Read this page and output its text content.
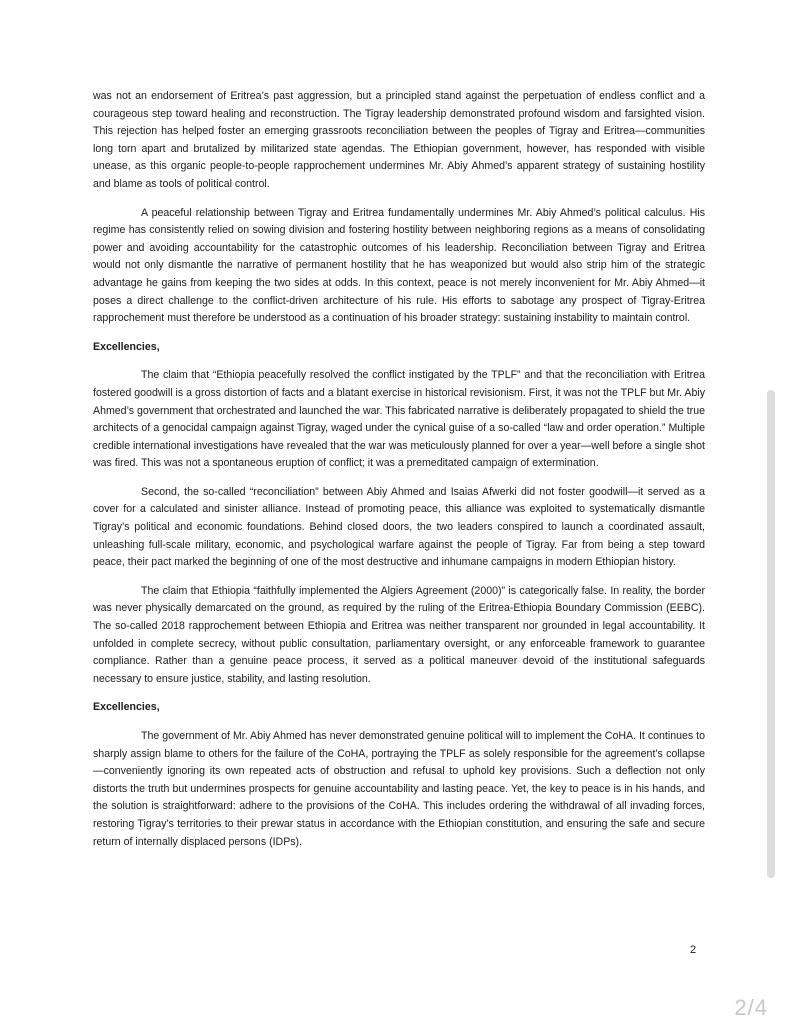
was not an endorsement of Eritrea’s past aggression, but a principled stand against the perpetuation of endless conflict and a courageous step toward healing and reconstruction. The Tigray leadership demonstrated profound wisdom and farsighted vision. This rejection has helped foster an emerging grassroots reconciliation between the peoples of Tigray and Eritrea—communities long torn apart and brutalized by militarized state agendas. The Ethiopian government, however, has responded with visible unease, as this organic people-to-people rapprochement undermines Mr. Abiy Ahmed’s apparent strategy of sustaining hostility and blame as tools of political control.

A peaceful relationship between Tigray and Eritrea fundamentally undermines Mr. Abiy Ahmed’s political calculus. His regime has consistently relied on sowing division and fostering hostility between neighboring regions as a means of consolidating power and avoiding accountability for the catastrophic outcomes of his leadership. Reconciliation between Tigray and Eritrea would not only dismantle the narrative of permanent hostility that he has weaponized but would also strip him of the strategic advantage he gains from keeping the two sides at odds. In this context, peace is not merely inconvenient for Mr. Abiy Ahmed—it poses a direct challenge to the conflict-driven architecture of his rule. His efforts to sabotage any prospect of Tigray-Eritrea rapprochement must therefore be understood as a continuation of his broader strategy: sustaining instability to maintain control.

Excellencies,

The claim that “Ethiopia peacefully resolved the conflict instigated by the TPLF” and that the reconciliation with Eritrea fostered goodwill is a gross distortion of facts and a blatant exercise in historical revisionism. First, it was not the TPLF but Mr. Abiy Ahmed’s government that orchestrated and launched the war. This fabricated narrative is deliberately propagated to shield the true architects of a genocidal campaign against Tigray, waged under the cynical guise of a so-called “law and order operation.” Multiple credible international investigations have revealed that the war was meticulously planned for over a year—well before a single shot was fired. This was not a spontaneous eruption of conflict; it was a premeditated campaign of extermination.

Second, the so-called “reconciliation” between Abiy Ahmed and Isaias Afwerki did not foster goodwill—it served as a cover for a calculated and sinister alliance. Instead of promoting peace, this alliance was exploited to systematically dismantle Tigray’s political and economic foundations. Behind closed doors, the two leaders conspired to launch a coordinated assault, unleashing full-scale military, economic, and psychological warfare against the people of Tigray. Far from being a step toward peace, their pact marked the beginning of one of the most destructive and inhumane campaigns in modern Ethiopian history.

The claim that Ethiopia “faithfully implemented the Algiers Agreement (2000)” is categorically false. In reality, the border was never physically demarcated on the ground, as required by the ruling of the Eritrea-Ethiopia Boundary Commission (EEBC). The so-called 2018 rapprochement between Ethiopia and Eritrea was neither transparent nor grounded in legal accountability. It unfolded in complete secrecy, without public consultation, parliamentary oversight, or any enforceable framework to guarantee compliance. Rather than a genuine peace process, it served as a political maneuver devoid of the institutional safeguards necessary to ensure justice, stability, and lasting resolution.

Excellencies,

The government of Mr. Abiy Ahmed has never demonstrated genuine political will to implement the CoHA. It continues to sharply assign blame to others for the failure of the CoHA, portraying the TPLF as solely responsible for the agreement’s collapse—conveniently ignoring its own repeated acts of obstruction and refusal to uphold key provisions. Such a deflection not only distorts the truth but undermines prospects for genuine accountability and lasting peace. Yet, the key to peace is in his hands, and the solution is straightforward: adhere to the provisions of the CoHA. This includes ordering the withdrawal of all invading forces, restoring Tigray’s territories to their prewar status in accordance with the Ethiopian constitution, and ensuring the safe and secure return of internally displaced persons (IDPs).

2
2/4
